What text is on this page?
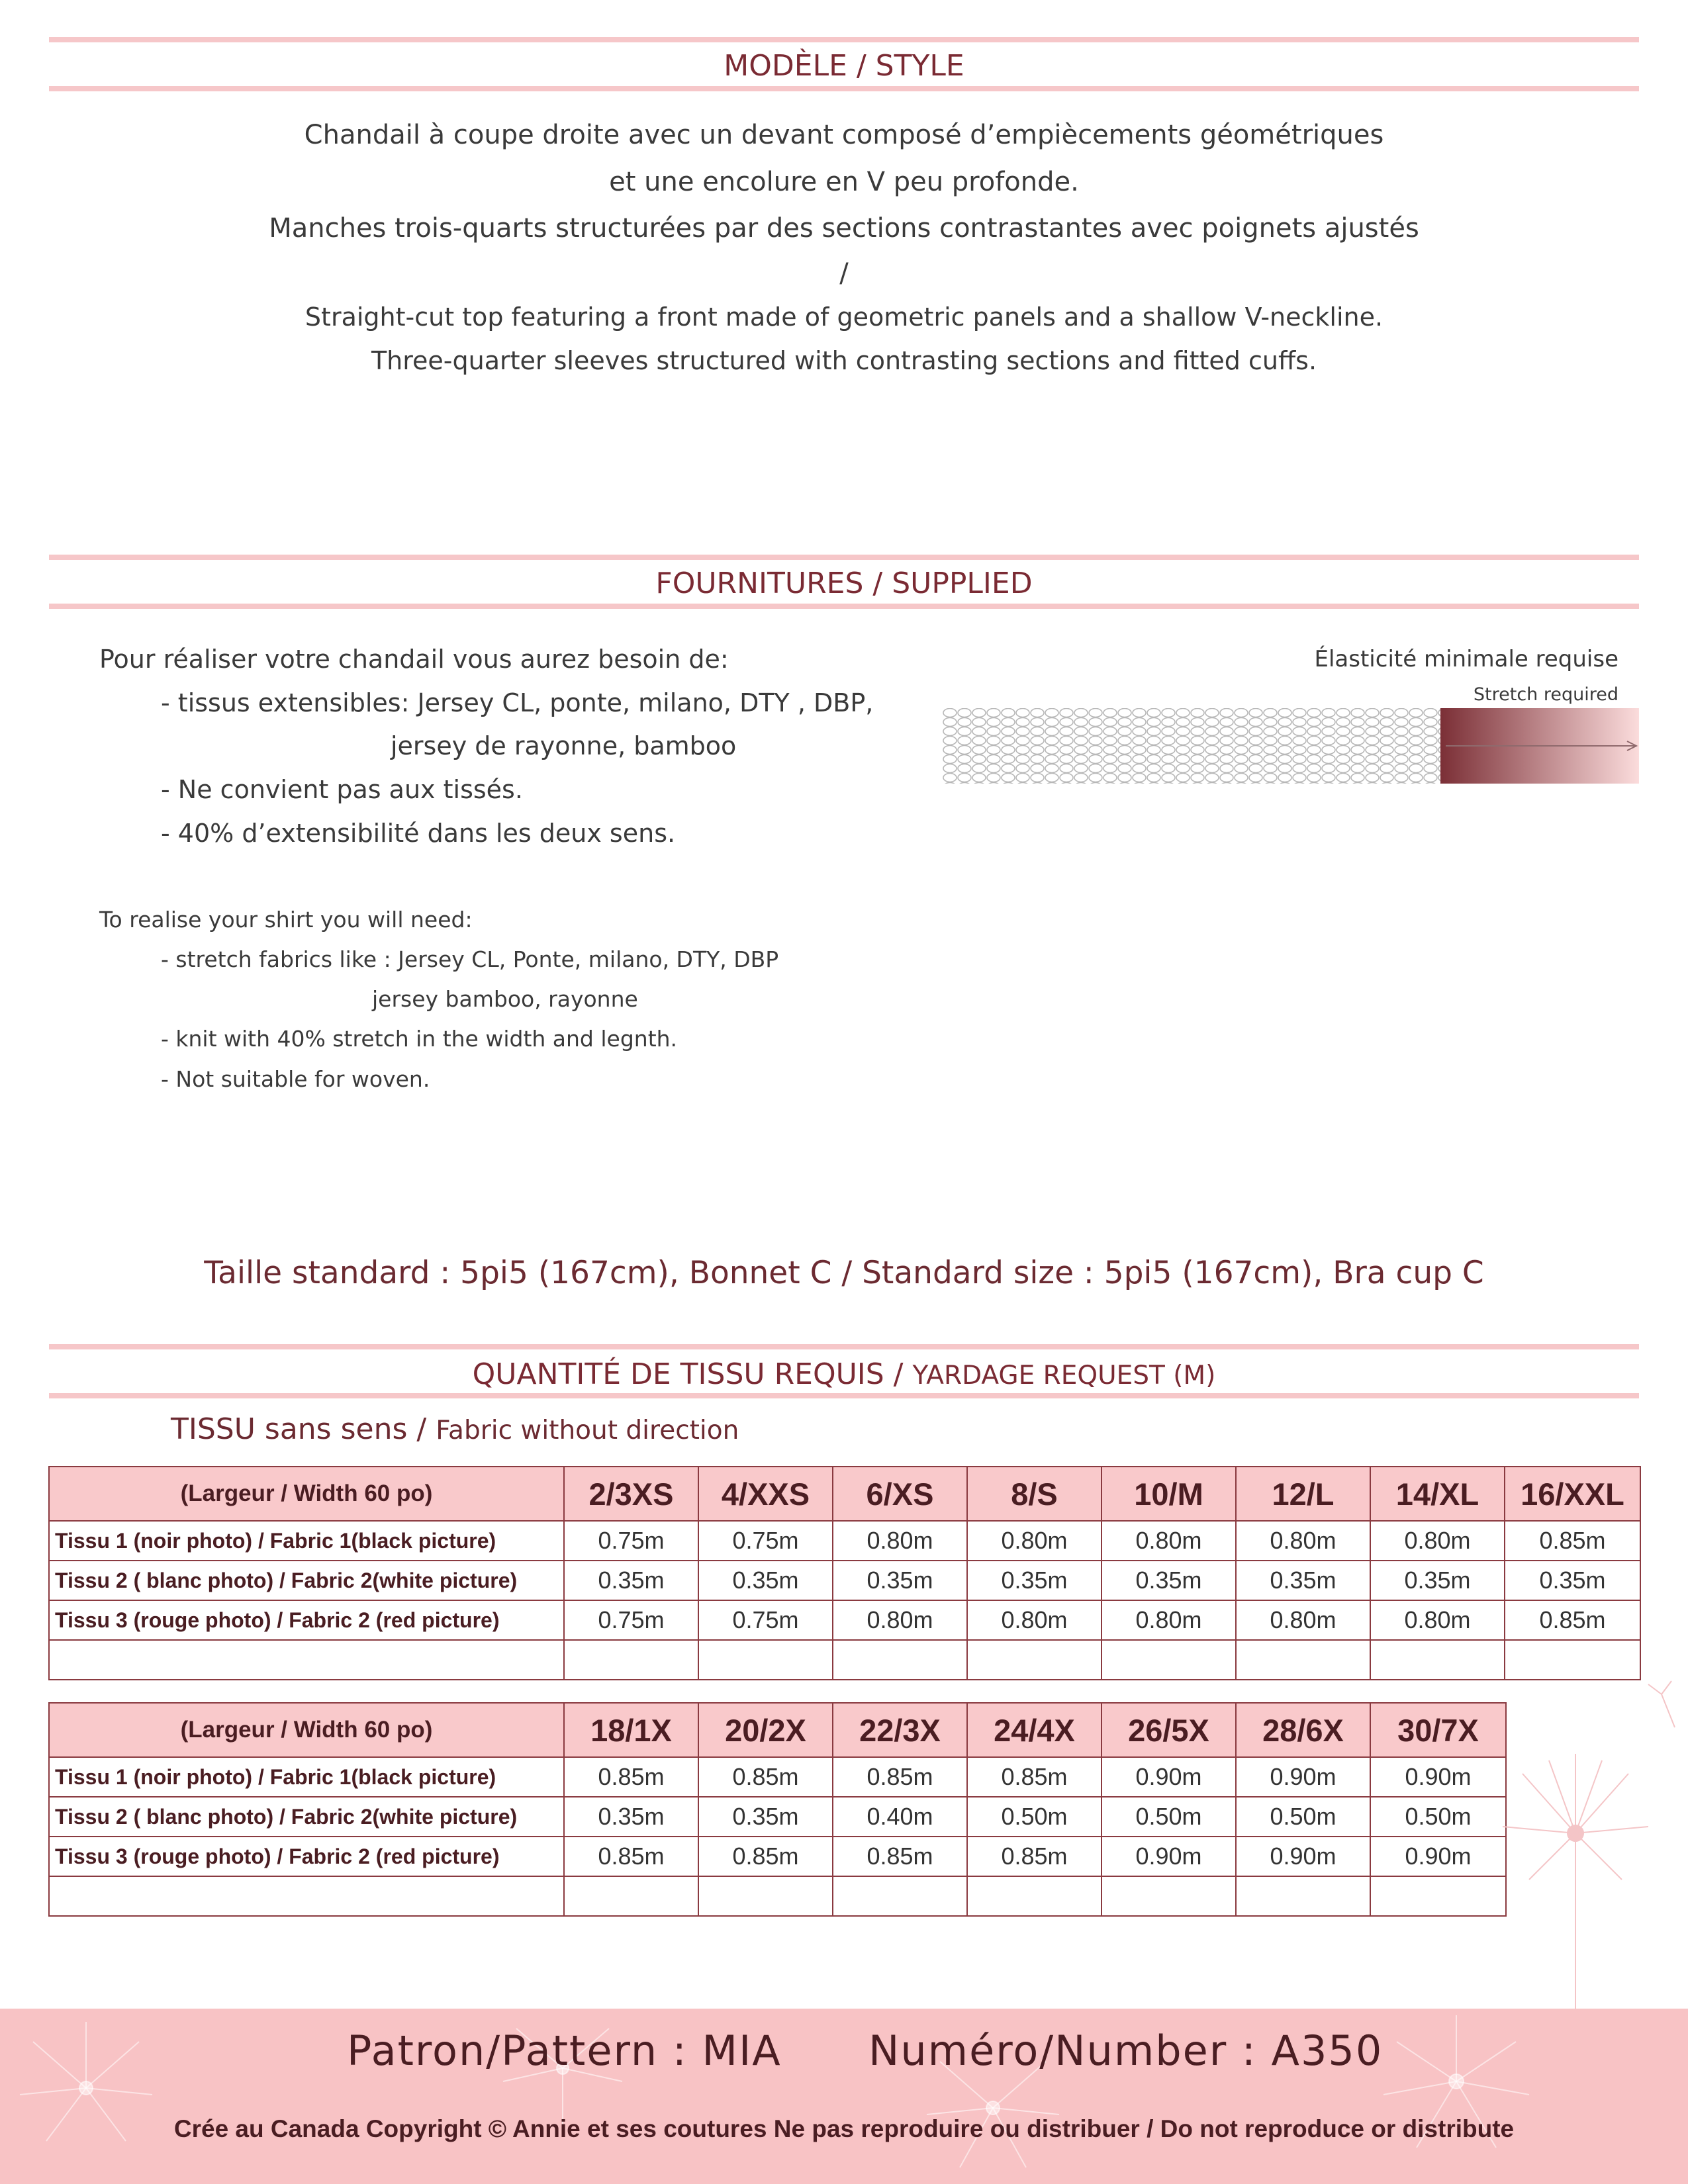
MODÈLE / STYLE
Chandail à coupe droite avec un devant composé d’empiècements géométriques
et une encolure en V peu profonde.
Manches trois-quarts structurées par des sections contrastantes avec poignets ajustés
/
Straight-cut top featuring a front made of geometric panels and a shallow V-neckline.
Three-quarter sleeves structured with contrasting sections and fitted cuffs.
FOURNITURES / SUPPLIED
Pour réaliser votre chandail vous aurez besoin de:
- tissus extensibles: Jersey CL, ponte, milano, DTY , DBP,
jersey de rayonne, bamboo
- Ne convient pas aux tissés.
- 40% d’extensibilité dans les deux sens.
To realise your shirt you will need:
- stretch fabrics like : Jersey CL, Ponte, milano, DTY, DBP
jersey bamboo, rayonne
- knit with 40% stretch in the width and legnth.
- Not suitable for woven.
Élasticité minimale requise
Stretch required
Taille standard : 5pi5 (167cm), Bonnet C / Standard size : 5pi5 (167cm), Bra cup C
QUANTITÉ DE TISSU REQUIS / YARDAGE REQUEST (M)
TISSU sans sens / Fabric without direction
(Largeur / Width 60 po)	2/3XS	4/XXS	6/XS	8/S	10/M	12/L	14/XL	16/XXL
Tissu 1 (noir photo) / Fabric 1(black picture)	0.75m	0.75m	0.80m	0.80m	0.80m	0.80m	0.80m	0.85m
Tissu 2 ( blanc photo) / Fabric 2(white picture)	0.35m	0.35m	0.35m	0.35m	0.35m	0.35m	0.35m	0.35m
Tissu 3 (rouge photo) / Fabric 2 (red picture)	0.75m	0.75m	0.80m	0.80m	0.80m	0.80m	0.80m	0.85m

(Largeur / Width 60 po)	18/1X	20/2X	22/3X	24/4X	26/5X	28/6X	30/7X
Tissu 1 (noir photo) / Fabric 1(black picture)	0.85m	0.85m	0.85m	0.85m	0.90m	0.90m	0.90m
Tissu 2 ( blanc photo) / Fabric 2(white picture)	0.35m	0.35m	0.40m	0.50m	0.50m	0.50m	0.50m
Tissu 3 (rouge photo) / Fabric 2 (red picture)	0.85m	0.85m	0.85m	0.85m	0.90m	0.90m	0.90m

Patron/Pattern : MIA Numéro/Number : A350
Crée au Canada Copyright © Annie et ses coutures Ne pas reproduire ou distribuer / Do not reproduce or distribute
